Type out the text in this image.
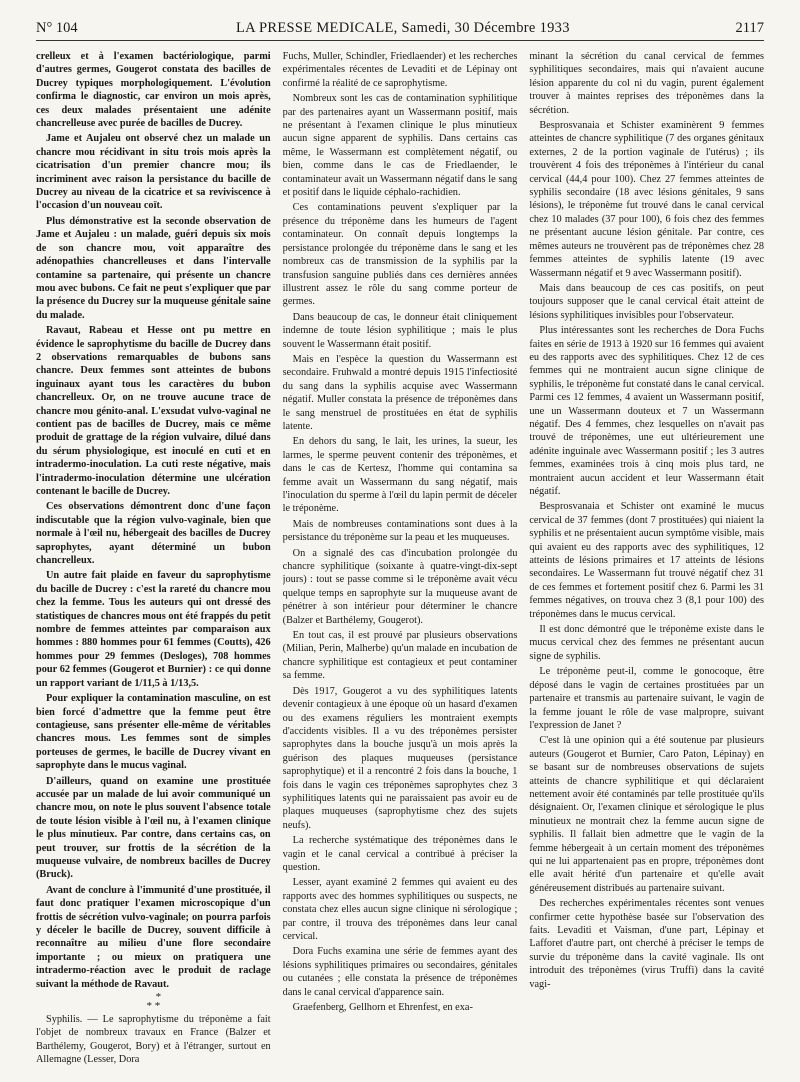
N° 104	LA PRESSE MEDICALE, Samedi, 30 Décembre 1933	2117

crelleux et à l'examen bactériologique, parmi d'autres germes, Gougerot constata des bacilles de Ducrey typiques morphologiquement. L'évolution confirma le diagnostic, car environ un mois après, ces deux malades présentaient une adénite chancrelleuse avec purée de bacilles de Ducrey.

Jame et Aujaleu ont observé chez un malade un chancre mou récidivant in situ trois mois après la cicatrisation d'un premier chancre mou; ils incriminent avec raison la persistance du bacille de Ducrey au niveau de la cicatrice et sa reviviscence à l'occasion d'un nouveau coït.

Plus démonstrative est la seconde observation de Jame et Aujaleu : un malade, guéri depuis six mois de son chancre mou, voit apparaître des adénopathies chancrelleuses et dans l'intervalle contamine sa partenaire, qui présente un chancre mou avec bubons. Ce fait ne peut s'expliquer que par la présence du Ducrey sur la muqueuse génitale saine du malade.

Ravaut, Rabeau et Hesse ont pu mettre en évidence le saprophytisme du bacille de Ducrey dans 2 observations remarquables de bubons sans chancre. Deux femmes sont atteintes de bubons inguinaux ayant tous les caractères du bubon chancrelleux. Or, on ne trouve aucune trace de chancre mou génito-anal. L'exsudat vulvo-vaginal ne contient pas de bacilles de Ducrey, mais ce même produit de grattage de la région vulvaire, dilué dans du sérum physiologique, est inoculé en cuti et en intradermo-inoculation. La cuti reste négative, mais l'intradermo-inoculation détermine une ulcération contenant le bacille de Ducrey.

Ces observations démontrent donc d'une façon indiscutable que la région vulvo-vaginale, bien que normale à l'œil nu, hébergeait des bacilles de Ducrey saprophytes, ayant déterminé un bubon chancrelleux.

Un autre fait plaide en faveur du saprophytisme du bacille de Ducrey : c'est la rareté du chancre mou chez la femme. Tous les auteurs qui ont dressé des statistiques de chancres mous ont été frappés du petit nombre de femmes atteintes par comparaison aux hommes : 880 hommes pour 61 femmes (Coutts), 426 hommes pour 29 femmes (Desloges), 708 hommes pour 62 femmes (Gougerot et Burnier) : ce qui donne un rapport variant de 1/11,5 à 1/13,5.

Pour expliquer la contamination masculine, on est bien forcé d'admettre que la femme peut être contagieuse, sans présenter elle-même de véritables chancres mous. Les femmes sont de simples porteuses de germes, le bacille de Ducrey vivant en saprophyte dans le mucus vaginal.

D'ailleurs, quand on examine une prostituée accusée par un malade de lui avoir communiqué un chancre mou, on note le plus souvent l'absence totale de toute lésion visible à l'œil nu, à l'examen clinique le plus minutieux. Par contre, dans certains cas, on peut trouver, sur frottis de la sécrétion de la muqueuse vulvaire, de nombreux bacilles de Ducrey (Bruck).

Avant de conclure à l'immunité d'une prostituée, il faut donc pratiquer l'examen microscopique d'un frottis de sécrétion vulvo-vaginale; on pourra parfois y déceler le bacille de Ducrey, souvent difficile à reconnaître au milieu d'une flore secondaire importante ; ou mieux on pratiquera une intradermo-réaction avec le produit de raclage suivant la méthode de Ravaut.

*
* *

Syphilis. — Le saprophytisme du tréponème a fait l'objet de nombreux travaux en France (Balzer et Barthélemy, Gougerot, Bory) et à l'étranger, surtout en Allemagne (Lesser, Dora

Fuchs, Muller, Schindler, Friedlaender) et les recherches expérimentales récentes de Levaditi et de Lépinay ont confirmé la réalité de ce saprophytisme.

Nombreux sont les cas de contamination syphilitique par des partenaires ayant un Wassermann positif, mais ne présentant à l'examen clinique le plus minutieux aucun signe apparent de syphilis. Dans certains cas même, le Wassermann est complètement négatif, ou bien, comme dans le cas de Friedlaender, le contaminateur avait un Wassermann négatif dans le sang et positif dans le liquide céphalo-rachidien.

Ces contaminations peuvent s'expliquer par la présence du tréponème dans les humeurs de l'agent contaminateur. On connaît depuis longtemps la persistance prolongée du tréponème dans le sang et les nombreux cas de transmission de la syphilis par la transfusion sanguine publiés dans ces dernières années illustrent assez le rôle du sang comme porteur de germes.

Dans beaucoup de cas, le donneur était cliniquement indemne de toute lésion syphilitique ; mais le plus souvent le Wassermann était positif.

Mais en l'espèce la question du Wassermann est secondaire. Fruhwald a montré depuis 1915 l'infectiosité du sang dans la syphilis acquise avec Wassermann négatif. Muller constata la présence de tréponèmes dans le sang menstruel de prostituées en état de syphilis latente.

En dehors du sang, le lait, les urines, la sueur, les larmes, le sperme peuvent contenir des tréponèmes, et dans le cas de Kertesz, l'homme qui contamina sa femme avait un Wassermann du sang négatif, mais l'inoculation du sperme à l'œil du lapin permit de déceler le tréponème.

Mais de nombreuses contaminations sont dues à la persistance du tréponème sur la peau et les muqueuses.

On a signalé des cas d'incubation prolongée du chancre syphilitique (soixante à quatre-vingt-dix-sept jours) : tout se passe comme si le tréponème avait vécu quelque temps en saprophyte sur la muqueuse avant de pénétrer à son intérieur pour déterminer le chancre (Balzer et Barthélemy, Gougerot).

En tout cas, il est prouvé par plusieurs observations (Milian, Perin, Malherbe) qu'un malade en incubation de chancre syphilitique est contagieux et peut contaminer sa femme.

Dès 1917, Gougerot a vu des syphilitiques latents devenir contagieux à une époque où un hasard d'examen ou des examens réguliers les montraient exempts d'accidents visibles. Il a vu des tréponèmes persister saprophytes dans la bouche jusqu'à un mois après la guérison des plaques muqueuses (persistance saprophytique) et il a rencontré 2 fois dans la bouche, 1 fois dans le vagin ces tréponèmes saprophytes chez 3 syphilitiques latents qui ne paraissaient pas avoir eu de plaques muqueuses (saprophytisme chez des sujets neufs).

La recherche systématique des tréponèmes dans le vagin et le canal cervical a contribué à préciser la question.

Lesser, ayant examiné 2 femmes qui avaient eu des rapports avec des hommes syphilitiques ou suspects, ne constata chez elles aucun signe clinique ni sérologique ; par contre, il trouva des tréponèmes dans leur canal cervical.

Dora Fuchs examina une série de femmes ayant des lésions syphilitiques primaires ou secondaires, génitales ou cutanées ; elle constata la présence de tréponèmes dans le canal cervical d'apparence sain.

Graefenberg, Gellhorn et Ehrenfest, en exa-

minant la sécrétion du canal cervical de femmes syphilitiques secondaires, mais qui n'avaient aucune lésion apparente du col ni du vagin, purent également trouver à maintes reprises des tréponèmes dans la sécrétion.

Besprosvanaia et Schister examinèrent 9 femmes atteintes de chancre syphilitique (7 des organes génitaux externes, 2 de la portion vaginale de l'utérus) ; ils trouvèrent 4 fois des tréponèmes à l'intérieur du canal cervical (44,4 pour 100). Chez 27 femmes atteintes de syphilis secondaire (18 avec lésions génitales, 9 sans lésions), le tréponème fut trouvé dans le canal cervical chez 10 malades (37 pour 100), 6 fois chez des femmes ne présentant aucune lésion génitale. Par contre, ces mêmes auteurs ne trouvèrent pas de tréponèmes chez 28 femmes atteintes de syphilis latente (19 avec Wassermann négatif et 9 avec Wassermann positif).

Mais dans beaucoup de ces cas positifs, on peut toujours supposer que le canal cervical était atteint de lésions syphilitiques invisibles pour l'observateur.

Plus intéressantes sont les recherches de Dora Fuchs faites en série de 1913 à 1920 sur 16 femmes qui avaient eu des rapports avec des syphilitiques. Chez 12 de ces femmes qui ne montraient aucun signe clinique de syphilis, le tréponème fut constaté dans le canal cervical. Parmi ces 12 femmes, 4 avaient un Wassermann positif, une un Wassermann douteux et 7 un Wassermann négatif. Des 4 femmes, chez lesquelles on n'avait pas trouvé de tréponèmes, une eut ultérieurement une adénite inguinale avec Wassermann positif ; les 3 autres femmes, examinées trois à cinq mois plus tard, ne montraient aucun accident et leur Wassermann était négatif.

Besprosvanaia et Schister ont examiné le mucus cervical de 37 femmes (dont 7 prostituées) qui niaient la syphilis et ne présentaient aucun symptôme visible, mais qui avaient eu des rapports avec des syphilitiques, 12 atteints de lésions primaires et 17 atteints de lésions secondaires. Le Wassermann fut trouvé négatif chez 31 de ces femmes et fortement positif chez 6. Parmi les 31 femmes négatives, on trouva chez 3 (8,1 pour 100) des tréponèmes dans le mucus cervical.

Il est donc démontré que le tréponème existe dans le mucus cervical chez des femmes ne présentant aucun signe de syphilis.

Le tréponème peut-il, comme le gonocoque, être déposé dans le vagin de certaines prostituées par un partenaire et transmis au partenaire suivant, le vagin de la femme jouant le rôle de vase malpropre, suivant l'expression de Janet ?

C'est là une opinion qui a été soutenue par plusieurs auteurs (Gougerot et Burnier, Caro Paton, Lépinay) en se basant sur de nombreuses observations de sujets atteints de chancre syphilitique et qui déclaraient nettement avoir été contaminés par telle prostituée qu'ils désignaient. Or, l'examen clinique et sérologique le plus minutieux ne montrait chez la femme aucun signe de syphilis. Il fallait bien admettre que le vagin de la femme hébergeait à un certain moment des tréponèmes qui ne lui appartenaient pas en propre, tréponèmes dont elle avait hérité d'un partenaire et qu'elle avait généreusement distribués au partenaire suivant.

Des recherches expérimentales récentes sont venues confirmer cette hypothèse basée sur l'observation des faits. Levaditi et Vaisman, d'une part, Lépinay et Lafforet d'autre part, ont cherché à préciser le temps de survie du tréponème dans la cavité vaginale. Ils ont introduit des tréponèmes (virus Truffi) dans la cavité vagi-
